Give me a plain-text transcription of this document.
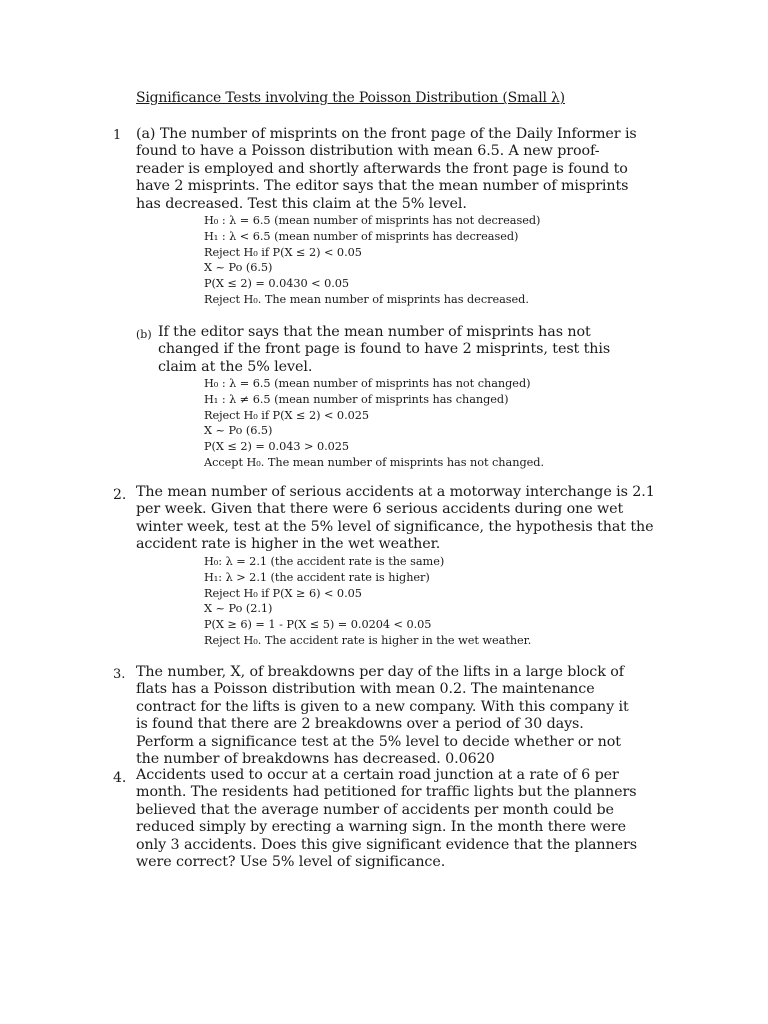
Significance Tests involving the Poisson Distribution (Small λ)
1 (a) The number of misprints on the front page of the Daily Informer is
found to have a Poisson distribution with mean 6.5. A new proof-
reader is employed and shortly afterwards the front page is found to
have 2 misprints. The editor says that the mean number of misprints
has decreased. Test this claim at the 5% level.
H₀ : λ = 6.5 (mean number of misprints has not decreased)
H₁ : λ < 6.5 (mean number of misprints has decreased)
Reject H₀ if P(X ≤ 2) < 0.05
X ~ Po (6.5)
P(X ≤ 2) = 0.0430 < 0.05
Reject H₀. The mean number of misprints has decreased.
(b) If the editor says that the mean number of misprints has not
changed if the front page is found to have 2 misprints, test this
claim at the 5% level.
H₀ : λ = 6.5 (mean number of misprints has not changed)
H₁ : λ ≠ 6.5 (mean number of misprints has changed)
Reject H₀ if P(X ≤ 2) < 0.025
X ~ Po (6.5)
P(X ≤ 2) = 0.043 > 0.025
Accept H₀. The mean number of misprints has not changed.
2. The mean number of serious accidents at a motorway interchange is 2.1
per week. Given that there were 6 serious accidents during one wet
winter week, test at the 5% level of significance, the hypothesis that the
accident rate is higher in the wet weather.
H₀: λ = 2.1 (the accident rate is the same)
H₁: λ > 2.1 (the accident rate is higher)
Reject H₀ if P(X ≥ 6) < 0.05
X ~ Po (2.1)
P(X ≥ 6) = 1 - P(X ≤ 5) = 0.0204 < 0.05
Reject H₀. The accident rate is higher in the wet weather.
3. The number, X, of breakdowns per day of the lifts in a large block of
flats has a Poisson distribution with mean 0.2. The maintenance
contract for the lifts is given to a new company. With this company it
is found that there are 2 breakdowns over a period of 30 days.
Perform a significance test at the 5% level to decide whether or not
the number of breakdowns has decreased. 0.0620
4. Accidents used to occur at a certain road junction at a rate of 6 per
month. The residents had petitioned for traffic lights but the planners
believed that the average number of accidents per month could be
reduced simply by erecting a warning sign. In the month there were
only 3 accidents. Does this give significant evidence that the planners
were correct? Use 5% level of significance.
